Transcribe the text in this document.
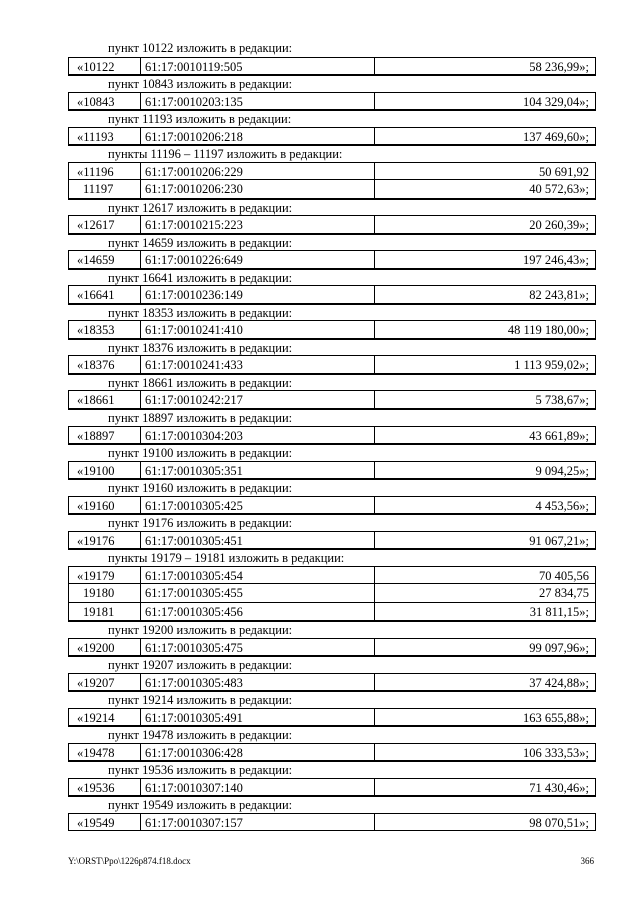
пункт 10122 изложить в редакции:
«10122	61:17:0010119:505	58 236,99»;
пункт 10843 изложить в редакции:
«10843	61:17:0010203:135	104 329,04»;
пункт 11193 изложить в редакции:
«11193	61:17:0010206:218	137 469,60»;
пункты 11196 – 11197 изложить в редакции:
«11196	61:17:0010206:229	50 691,92
11197	61:17:0010206:230	40 572,63»;
пункт 12617 изложить в редакции:
«12617	61:17:0010215:223	20 260,39»;
пункт 14659 изложить в редакции:
«14659	61:17:0010226:649	197 246,43»;
пункт 16641 изложить в редакции:
«16641	61:17:0010236:149	82 243,81»;
пункт 18353 изложить в редакции:
«18353	61:17:0010241:410	48 119 180,00»;
пункт 18376 изложить в редакции:
«18376	61:17:0010241:433	1 113 959,02»;
пункт 18661 изложить в редакции:
«18661	61:17:0010242:217	5 738,67»;
пункт 18897 изложить в редакции:
«18897	61:17:0010304:203	43 661,89»;
пункт 19100 изложить в редакции:
«19100	61:17:0010305:351	9 094,25»;
пункт 19160 изложить в редакции:
«19160	61:17:0010305:425	4 453,56»;
пункт 19176 изложить в редакции:
«19176	61:17:0010305:451	91 067,21»;
пункты 19179 – 19181 изложить в редакции:
«19179	61:17:0010305:454	70 405,56
19180	61:17:0010305:455	27 834,75
19181	61:17:0010305:456	31 811,15»;
пункт 19200 изложить в редакции:
«19200	61:17:0010305:475	99 097,96»;
пункт 19207 изложить в редакции:
«19207	61:17:0010305:483	37 424,88»;
пункт 19214 изложить в редакции:
«19214	61:17:0010305:491	163 655,88»;
пункт 19478 изложить в редакции:
«19478	61:17:0010306:428	106 333,53»;
пункт 19536 изложить в редакции:
«19536	61:17:0010307:140	71 430,46»;
пункт 19549 изложить в редакции:
«19549	61:17:0010307:157	98 070,51»;
Y:\ORST\Ppo\1226p874.f18.docx	366
